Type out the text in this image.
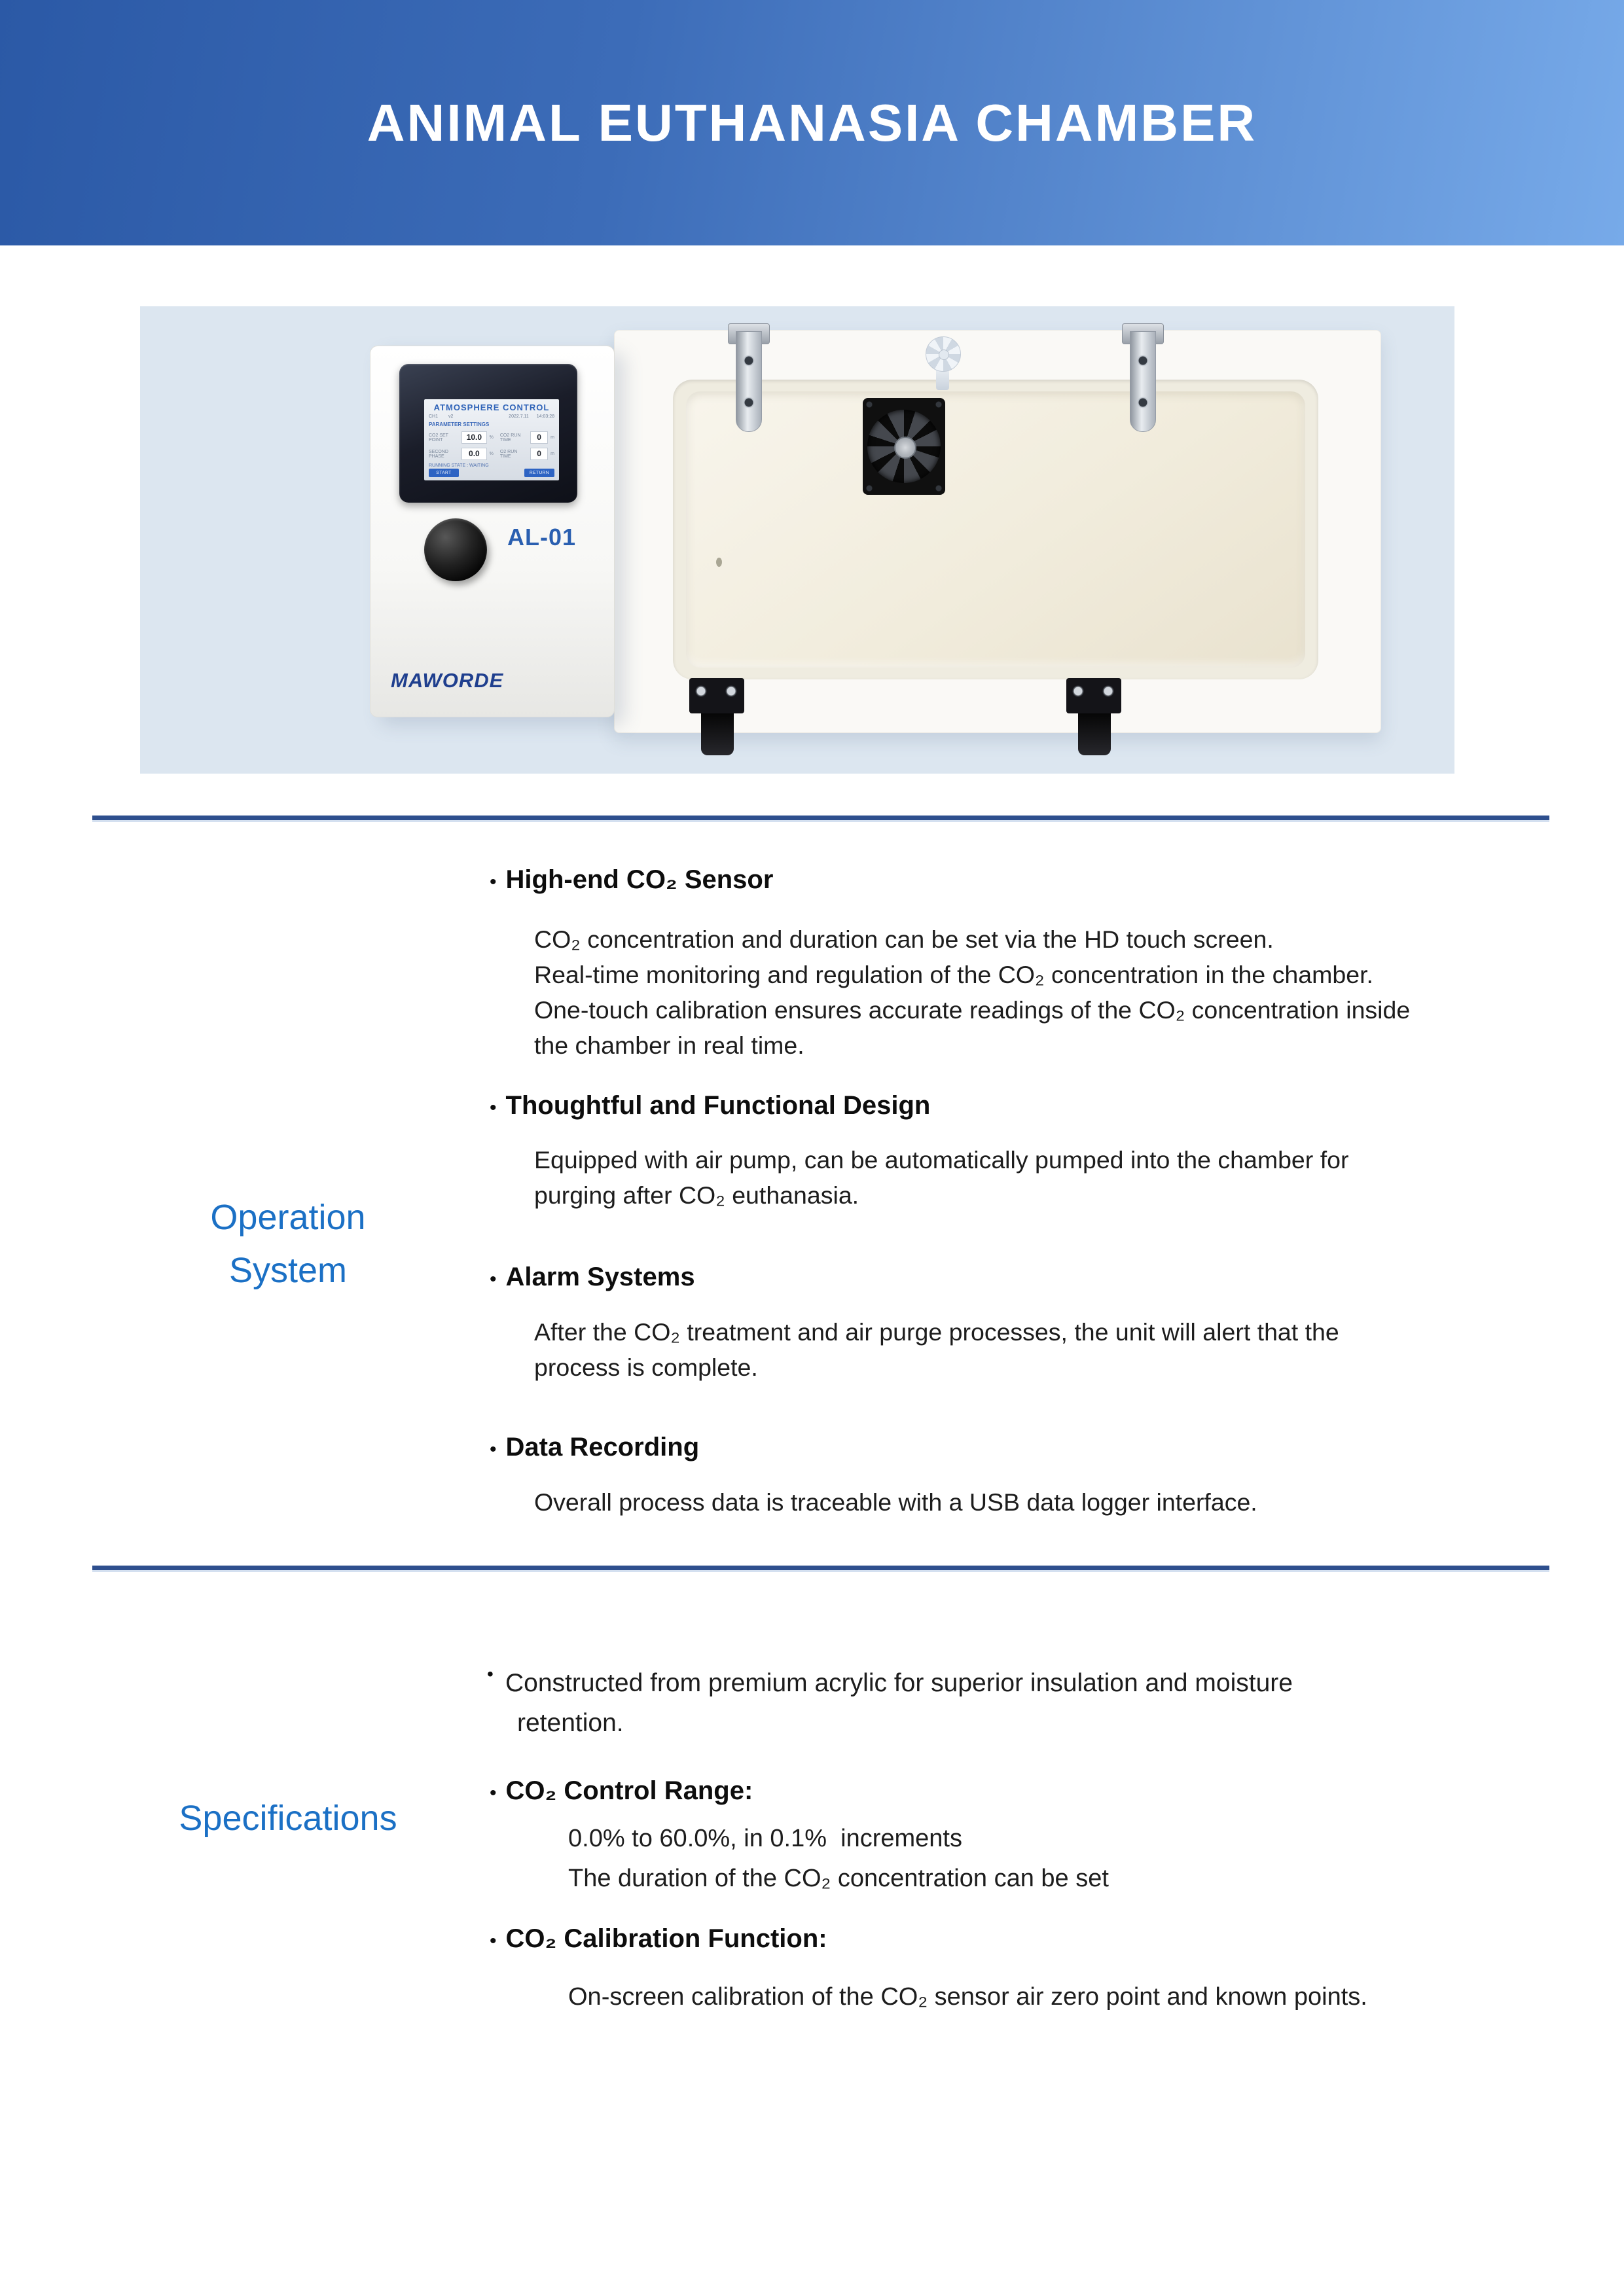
ANIMAL EUTHANASIA CHAMBER
ATMOSPHERE CONTROL
CH1 v2	2022.7.11 14:03:28
PARAMETER SETTINGS
CO2 SET POINT	10.0	% CO2 RUN TIME	0	m
SECOND PHASE	0.0	% O2 RUN TIME	0	m
RUNNING STATE : WAITING
START	RETURN
AL-01
MAWORDE
Operation
System
• High-end CO₂ Sensor
CO₂ concentration and duration can be set via the HD touch screen.
Real-time monitoring and regulation of the CO₂ concentration in the chamber.
One-touch calibration ensures accurate readings of the CO₂ concentration inside
the chamber in real time.
• Thoughtful and Functional Design
Equipped with air pump, can be automatically pumped into the chamber for
purging after CO₂ euthanasia.
• Alarm Systems
After the CO₂ treatment and air purge processes, the unit will alert that the
process is complete.
• Data Recording
Overall process data is traceable with a USB data logger interface.
Specifications
• Constructed from premium acrylic for superior insulation and moisture
retention.
• CO₂ Control Range:
0.0% to 60.0%, in 0.1%  increments
The duration of the CO₂ concentration can be set
• CO₂ Calibration Function:
On-screen calibration of the CO₂ sensor air zero point and known points.
